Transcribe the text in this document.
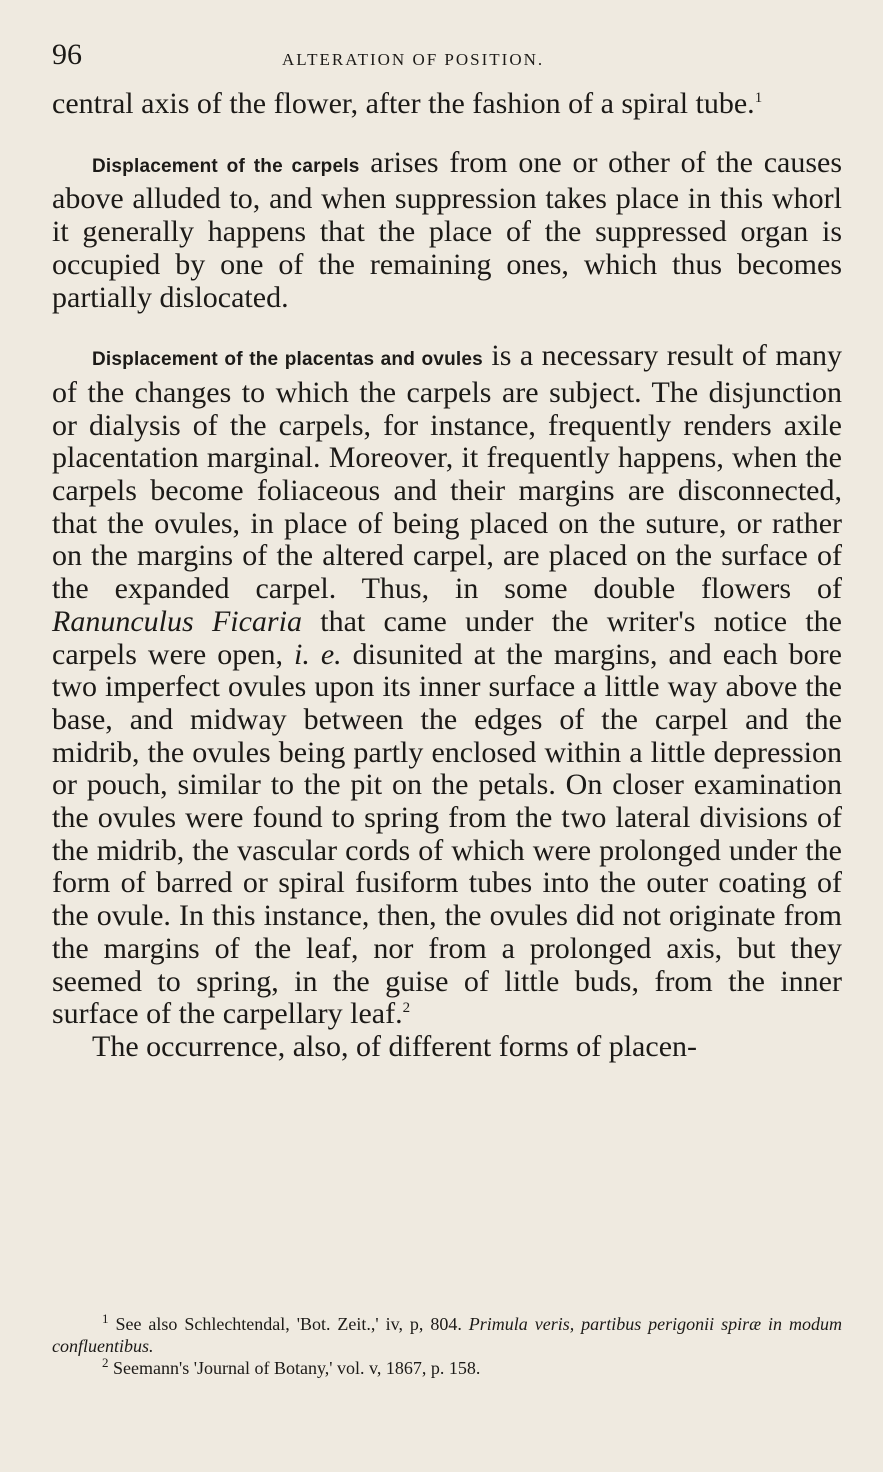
96	ALTERATION OF POSITION.

central axis of the flower, after the fashion of a spiral tube.$^1$

Displacement of the carpels arises from one or other of the causes above alluded to, and when suppression takes place in this whorl it generally happens that the place of the suppressed organ is occupied by one of the remaining ones, which thus becomes partially dislocated.

Displacement of the placentas and ovules is a necessary result of many of the changes to which the carpels are subject. The disjunction or dialysis of the carpels, for instance, frequently renders axile placentation marginal. Moreover, it frequently happens, when the carpels become foliaceous and their margins are disconnected, that the ovules, in place of being placed on the suture, or rather on the margins of the altered carpel, are placed on the surface of the expanded carpel. Thus, in some double flowers of Ranunculus Ficaria that came under the writer's notice the carpels were open, i. e. disunited at the margins, and each bore two imperfect ovules upon its inner surface a little way above the base, and midway between the edges of the carpel and the midrib, the ovules being partly enclosed within a little depression or pouch, similar to the pit on the petals. On closer examination the ovules were found to spring from the two lateral divisions of the midrib, the vascular cords of which were prolonged under the form of barred or spiral fusiform tubes into the outer coating of the ovule. In this instance, then, the ovules did not originate from the margins of the leaf, nor from a prolonged axis, but they seemed to spring, in the guise of little buds, from the inner surface of the carpellary leaf.$^2$

The occurrence, also, of different forms of placen-

$^1$ See also Schlechtendal, 'Bot. Zeit.,' iv, p, 804. Primula veris, partibus perigonii spiræ in modum confluentibus.

$^2$ Seemann's 'Journal of Botany,' vol. v, 1867, p. 158.
